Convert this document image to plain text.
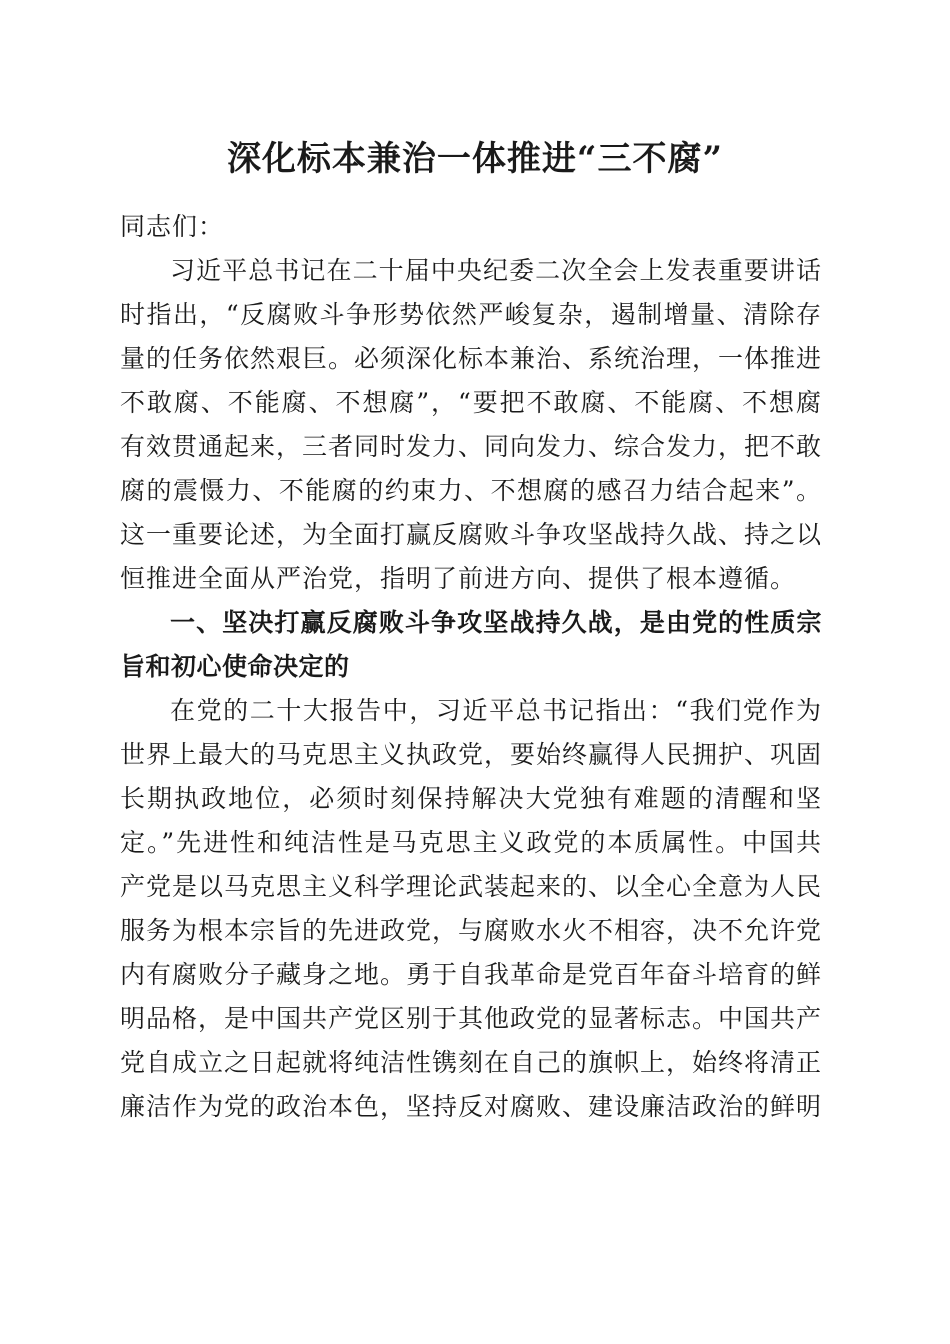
深化标本兼治一体推进“三不腐”

同志们：

习近平总书记在二十届中央纪委二次全会上发表重要讲话时指出，“反腐败斗争形势依然严峻复杂，遏制增量、清除存量的任务依然艰巨。必须深化标本兼治、系统治理，一体推进不敢腐、不能腐、不想腐”，“要把不敢腐、不能腐、不想腐有效贯通起来，三者同时发力、同向发力、综合发力，把不敢腐的震慑力、不能腐的约束力、不想腐的感召力结合起来”。这一重要论述，为全面打赢反腐败斗争攻坚战持久战、持之以恒推进全面从严治党，指明了前进方向、提供了根本遵循。

一、坚决打赢反腐败斗争攻坚战持久战，是由党的性质宗旨和初心使命决定的

在党的二十大报告中，习近平总书记指出：“我们党作为世界上最大的马克思主义执政党，要始终赢得人民拥护、巩固长期执政地位，必须时刻保持解决大党独有难题的清醒和坚定。”先进性和纯洁性是马克思主义政党的本质属性。中国共产党是以马克思主义科学理论武装起来的、以全心全意为人民服务为根本宗旨的先进政党，与腐败水火不相容，决不允许党内有腐败分子藏身之地。勇于自我革命是党百年奋斗培育的鲜明品格，是中国共产党区别于其他政党的显著标志。中国共产党自成立之日起就将纯洁性镌刻在自己的旗帜上，始终将清正廉洁作为党的政治本色，坚持反对腐败、建设廉洁政治的鲜明
